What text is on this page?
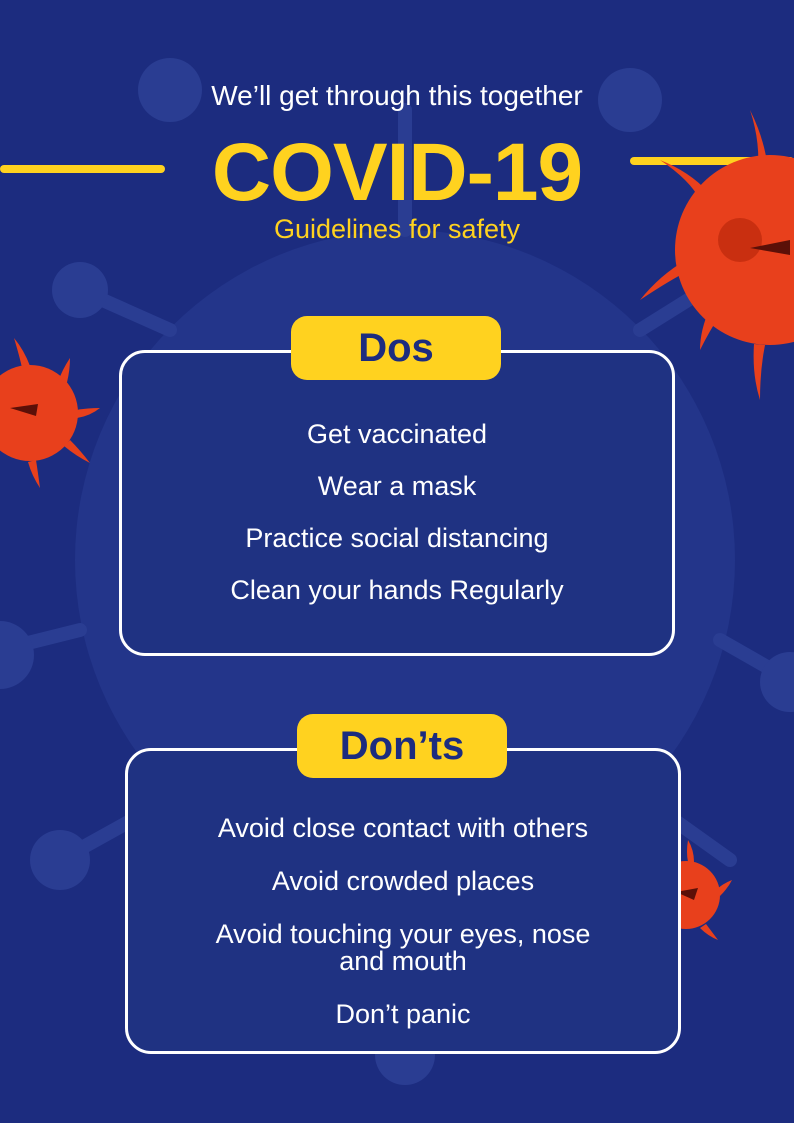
We’ll get through this together
COVID-19
Guidelines for safety
Get vaccinated
Wear a mask
Practice social distancing
Clean your hands Regularly
Dos
Avoid close contact with others
Avoid crowded places
Avoid touching your eyes, nose
and mouth
Don’t panic
Don’ts
